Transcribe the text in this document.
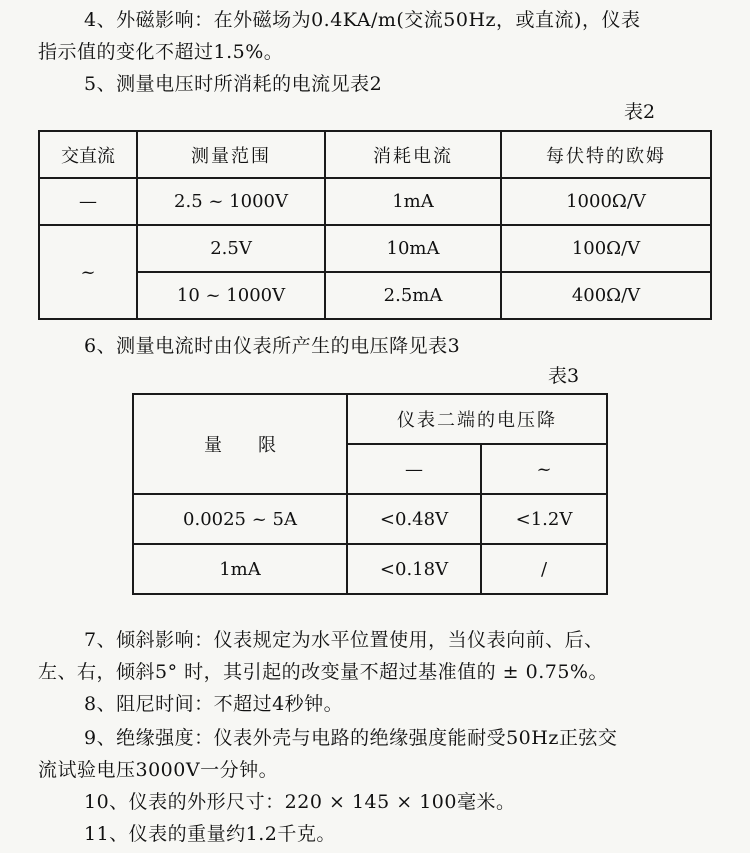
4、外磁影响：在外磁场为0.4KA/m(交流50Hz，或直流)，仪表
指示值的变化不超过1.5%。
5、测量电压时所消耗的电流见表2
表2
交直流	测量范围	消耗电流	每伏特的欧姆
—	2.5 ~ 1000V	1mA	1000Ω/V
~	2.5V	10mA	100Ω/V
	10 ~ 1000V	2.5mA	400Ω/V
6、测量电流时由仪表所产生的电压降见表3
表3
量　　限	仪表二端的电压降	
	—	~
0.0025 ~ 5A	<0.48V	<1.2V
1mA	<0.18V	/
7、倾斜影响：仪表规定为水平位置使用，当仪表向前、后、
左、右，倾斜5° 时，其引起的改变量不超过基准值的 ± 0.75%。
8、阻尼时间：不超过4秒钟。
9、绝缘强度：仪表外壳与电路的绝缘强度能耐受50Hz正弦交
流试验电压3000V一分钟。
10、仪表的外形尺寸：220 × 145 × 100毫米。
11、仪表的重量约1.2千克。
